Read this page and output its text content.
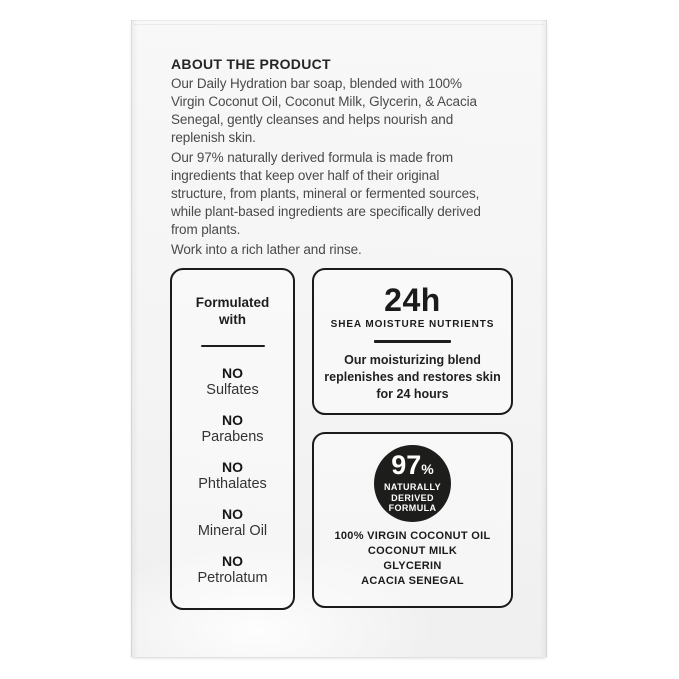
ABOUT THE PRODUCT
Our Daily Hydration bar soap, blended with 100%
Virgin Coconut Oil, Coconut Milk, Glycerin, & Acacia
Senegal, gently cleanses and helps nourish and
replenish skin.
Our 97% naturally derived formula is made from
ingredients that keep over half of their original
structure, from plants, mineral or fermented sources,
while plant-based ingredients are specifically derived
from plants.
Work into a rich lather and rinse.
Formulated
with
NO
Sulfates
NO
Parabens
NO
Phthalates
NO
Mineral Oil
NO
Petrolatum
24h
SHEA MOISTURE NUTRIENTS
Our moisturizing blend
replenishes and restores skin
for 24 hours
97%
NATURALLY
DERIVED
FORMULA
100% VIRGIN COCONUT OIL
COCONUT MILK
GLYCERIN
ACACIA SENEGAL
